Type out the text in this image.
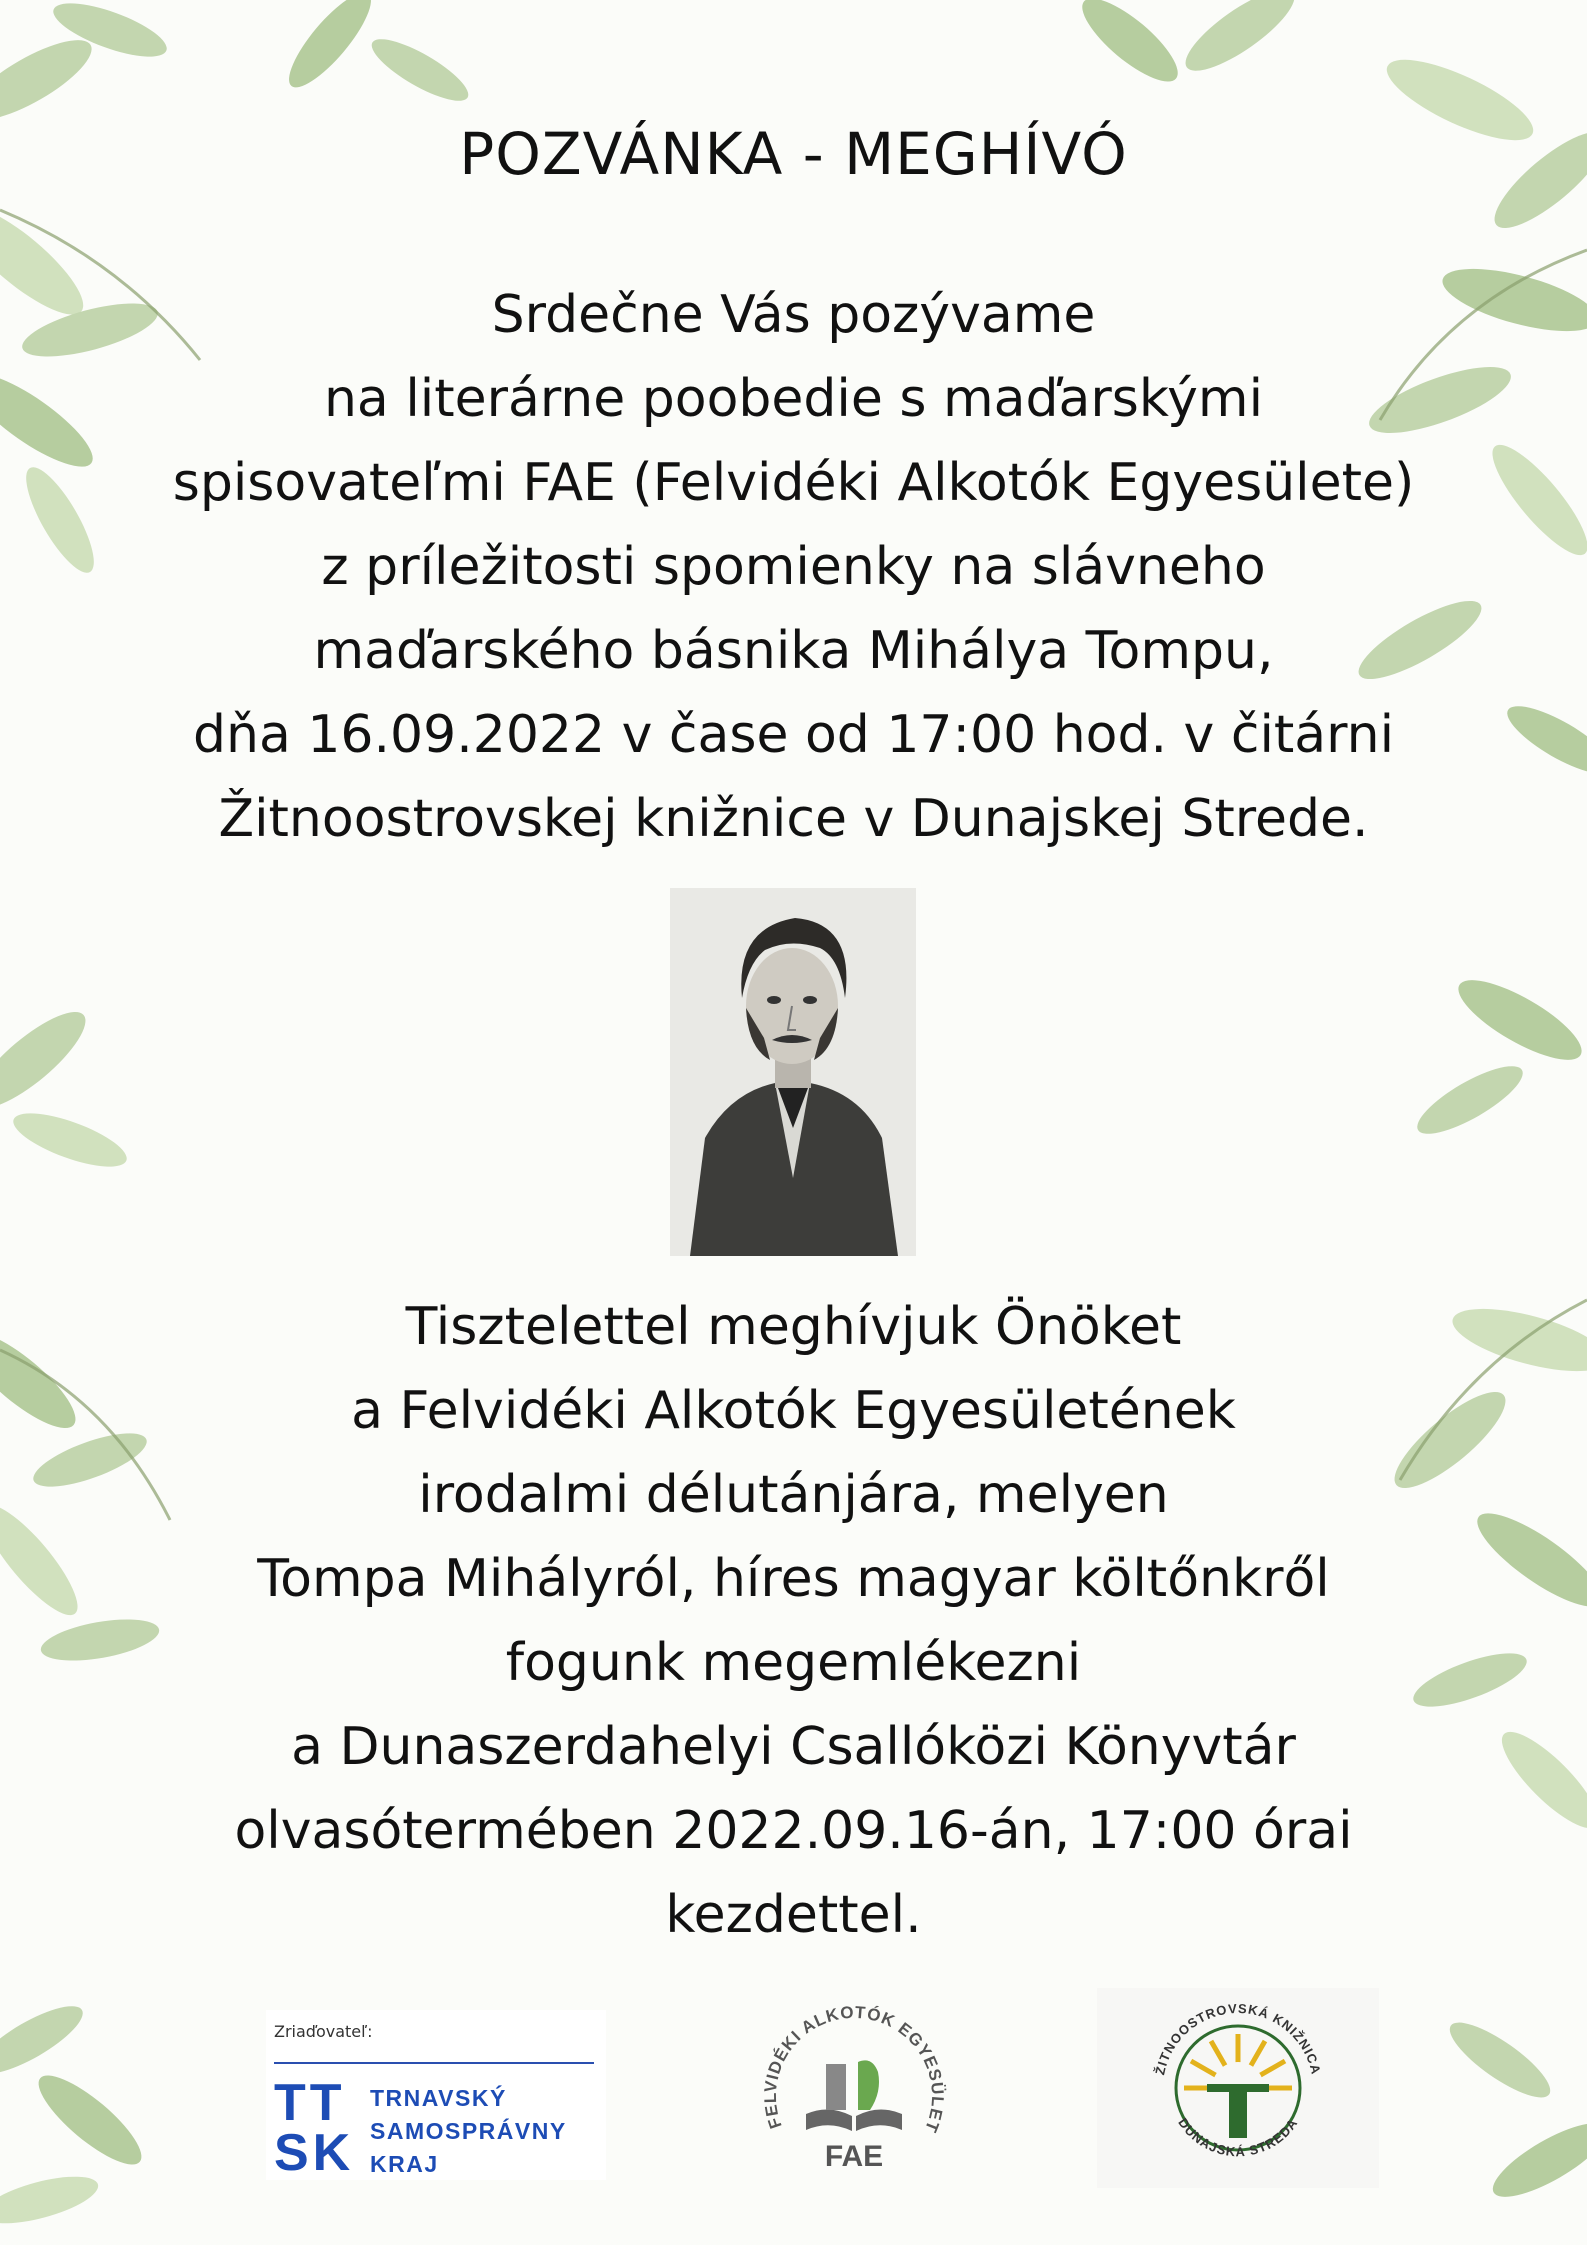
POZVÁNKA - MEGHÍVÓ
Srdečne Vás pozývame
na literárne poobedie s maďarskými
spisovateľmi FAE (Felvidéki Alkotók Egyesülete)
z príležitosti spomienky na slávneho
maďarského básnika Mihálya Tompu,
dňa 16.09.2022 v čase od 17:00 hod. v čitárni
Žitnoostrovskej knižnice v Dunajskej Strede.
Tisztelettel meghívjuk Önöket
a Felvidéki Alkotók Egyesületének
irodalmi délutánjára, melyen
Tompa Mihályról, híres magyar költőnkről
fogunk megemlékezni
a Dunaszerdahelyi Csallóközi Könyvtár
olvasótermében 2022.09.16-án, 17:00 órai
kezdettel.
Zriaďovateľ:
TT
SK
TRNAVSKÝ
SAMOSPRÁVNY
KRAJ
FELVIDÉKI ALKOTÓK EGYESÜLET
FAE
ŽITNOOSTROVSKÁ KNIŽNICA
DUNAJSKÁ STREDA
